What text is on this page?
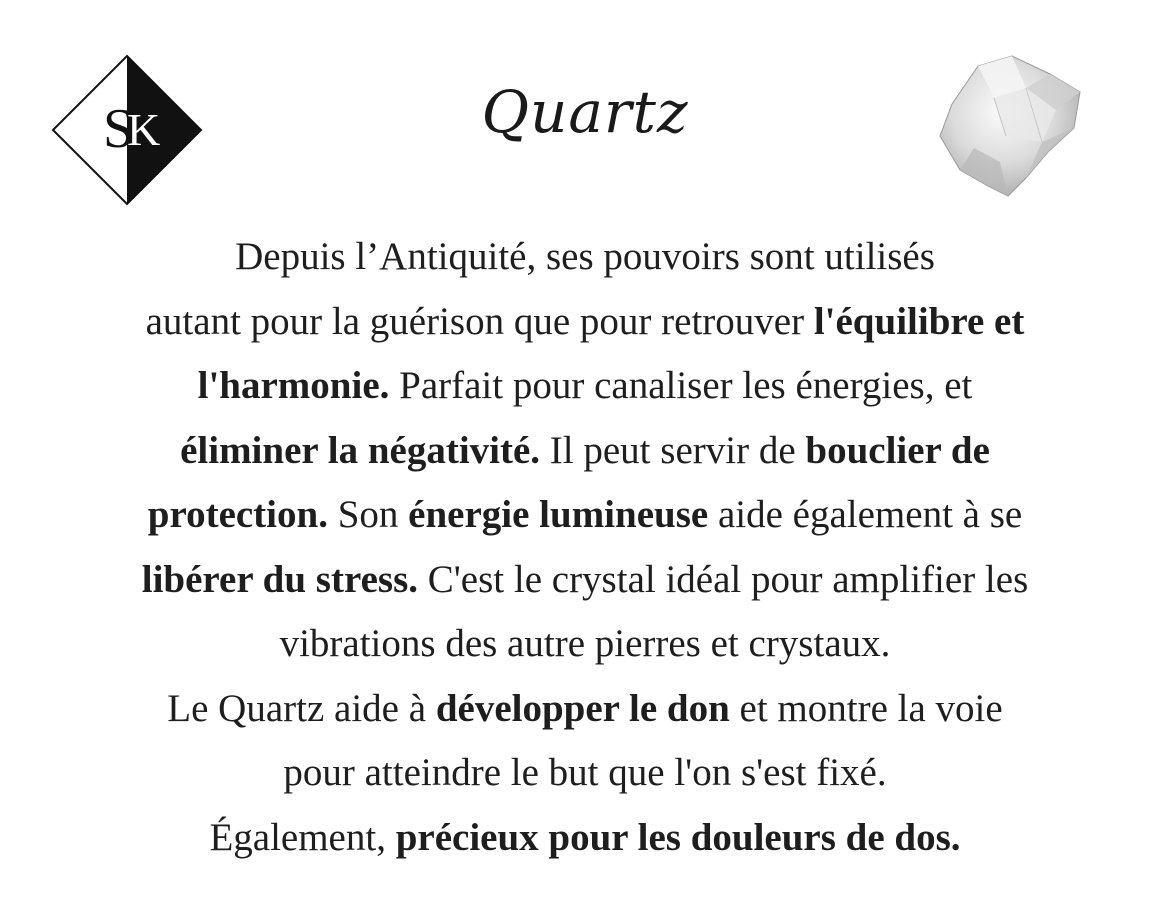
S
K	Quartz
Depuis l’Antiquité, ses pouvoirs sont utilisés
autant pour la guérison que pour retrouver l'équilibre et
l'harmonie. Parfait pour canaliser les énergies, et
éliminer la négativité. Il peut servir de bouclier de
protection. Son énergie lumineuse aide également à se
libérer du stress. C'est le crystal idéal pour amplifier les
vibrations des autre pierres et crystaux.
Le Quartz aide à développer le don et montre la voie
pour atteindre le but que l'on s'est fixé.
Également, précieux pour les douleurs de dos.
